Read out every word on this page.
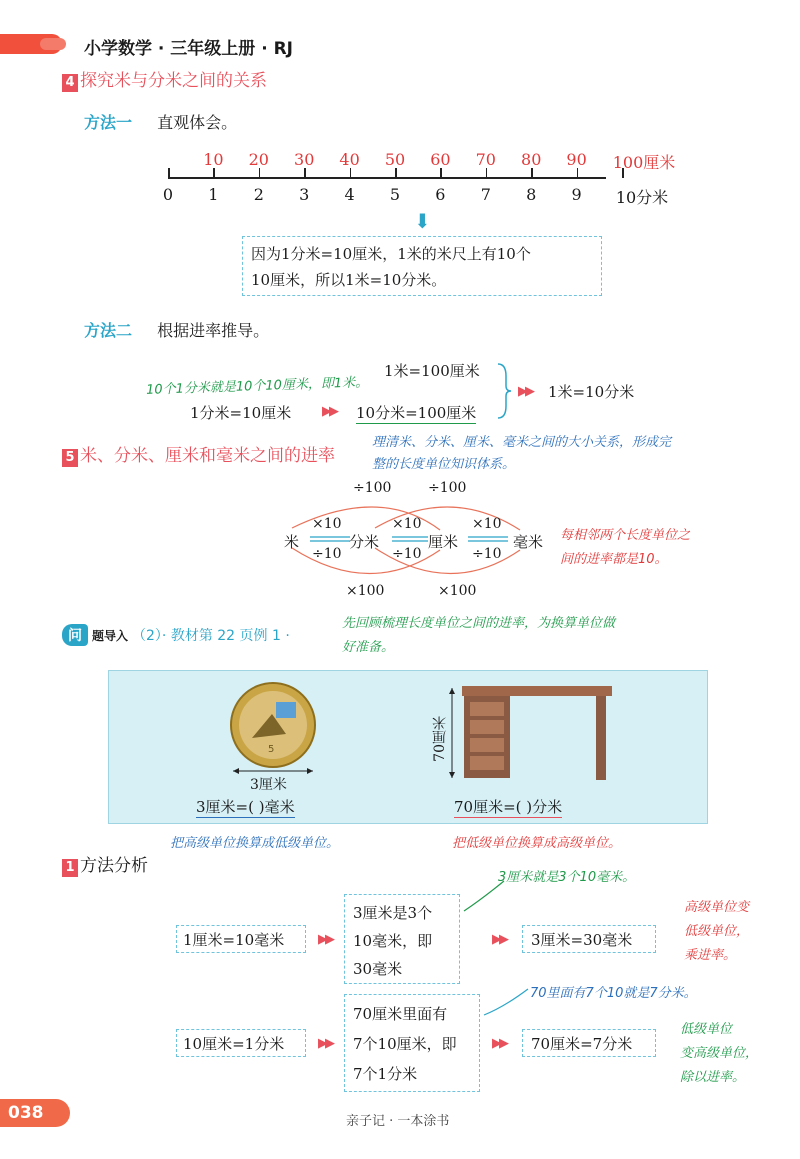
小学数学 · 三年级上册 · RJ
4 探究米与分米之间的关系
方法一 直观体会。
0 1 2 3 4 5 6 7 8 9 10分米
10 20 30 40 50 60 70 80 90 100厘米
⬇
因为1分米=10厘米，1米的米尺上有10个
10厘米，所以1米=10分米。
方法二 根据进率推导。
10个1分米就是10个10厘米，即1米。
1米=100厘米
1分米=10厘米 ▶▶ 10分米=100厘米
▶▶ 1米=10分米
5 米、分米、厘米和毫米之间的进率
理清米、分米、厘米、毫米之间的大小关系，形成完
整的长度单位知识体系。
÷100	÷100
米	分米	厘米	毫米
×10	×10	×10
÷10	÷10	÷10
×100	×100
每相邻两个长度单位之
间的进率都是10。
问 题导入 （2）· 教材第 22 页例 1 ·
先回顾梳理长度单位之间的进率，为换算单位做
好准备。
5
3厘米
3厘米=( )毫米
70厘米
70厘米=( )分米
把高级单位换算成低级单位。	把低级单位换算成高级单位。
1 方法分析
1厘米=10毫米	▶▶
3厘米是3个
10毫米，即
30毫米
▶▶ 3厘米=30毫米
3厘米就是3个10毫米。
高级单位变
低级单位，
乘进率。
10厘米=1分米	▶▶
70厘米里面有
7个10厘米，即
7个1分米
▶▶ 70厘米=7分米
70里面有7个10就是7分米。
低级单位
变高级单位，
除以进率。
038	亲子记 · 一本涂书
